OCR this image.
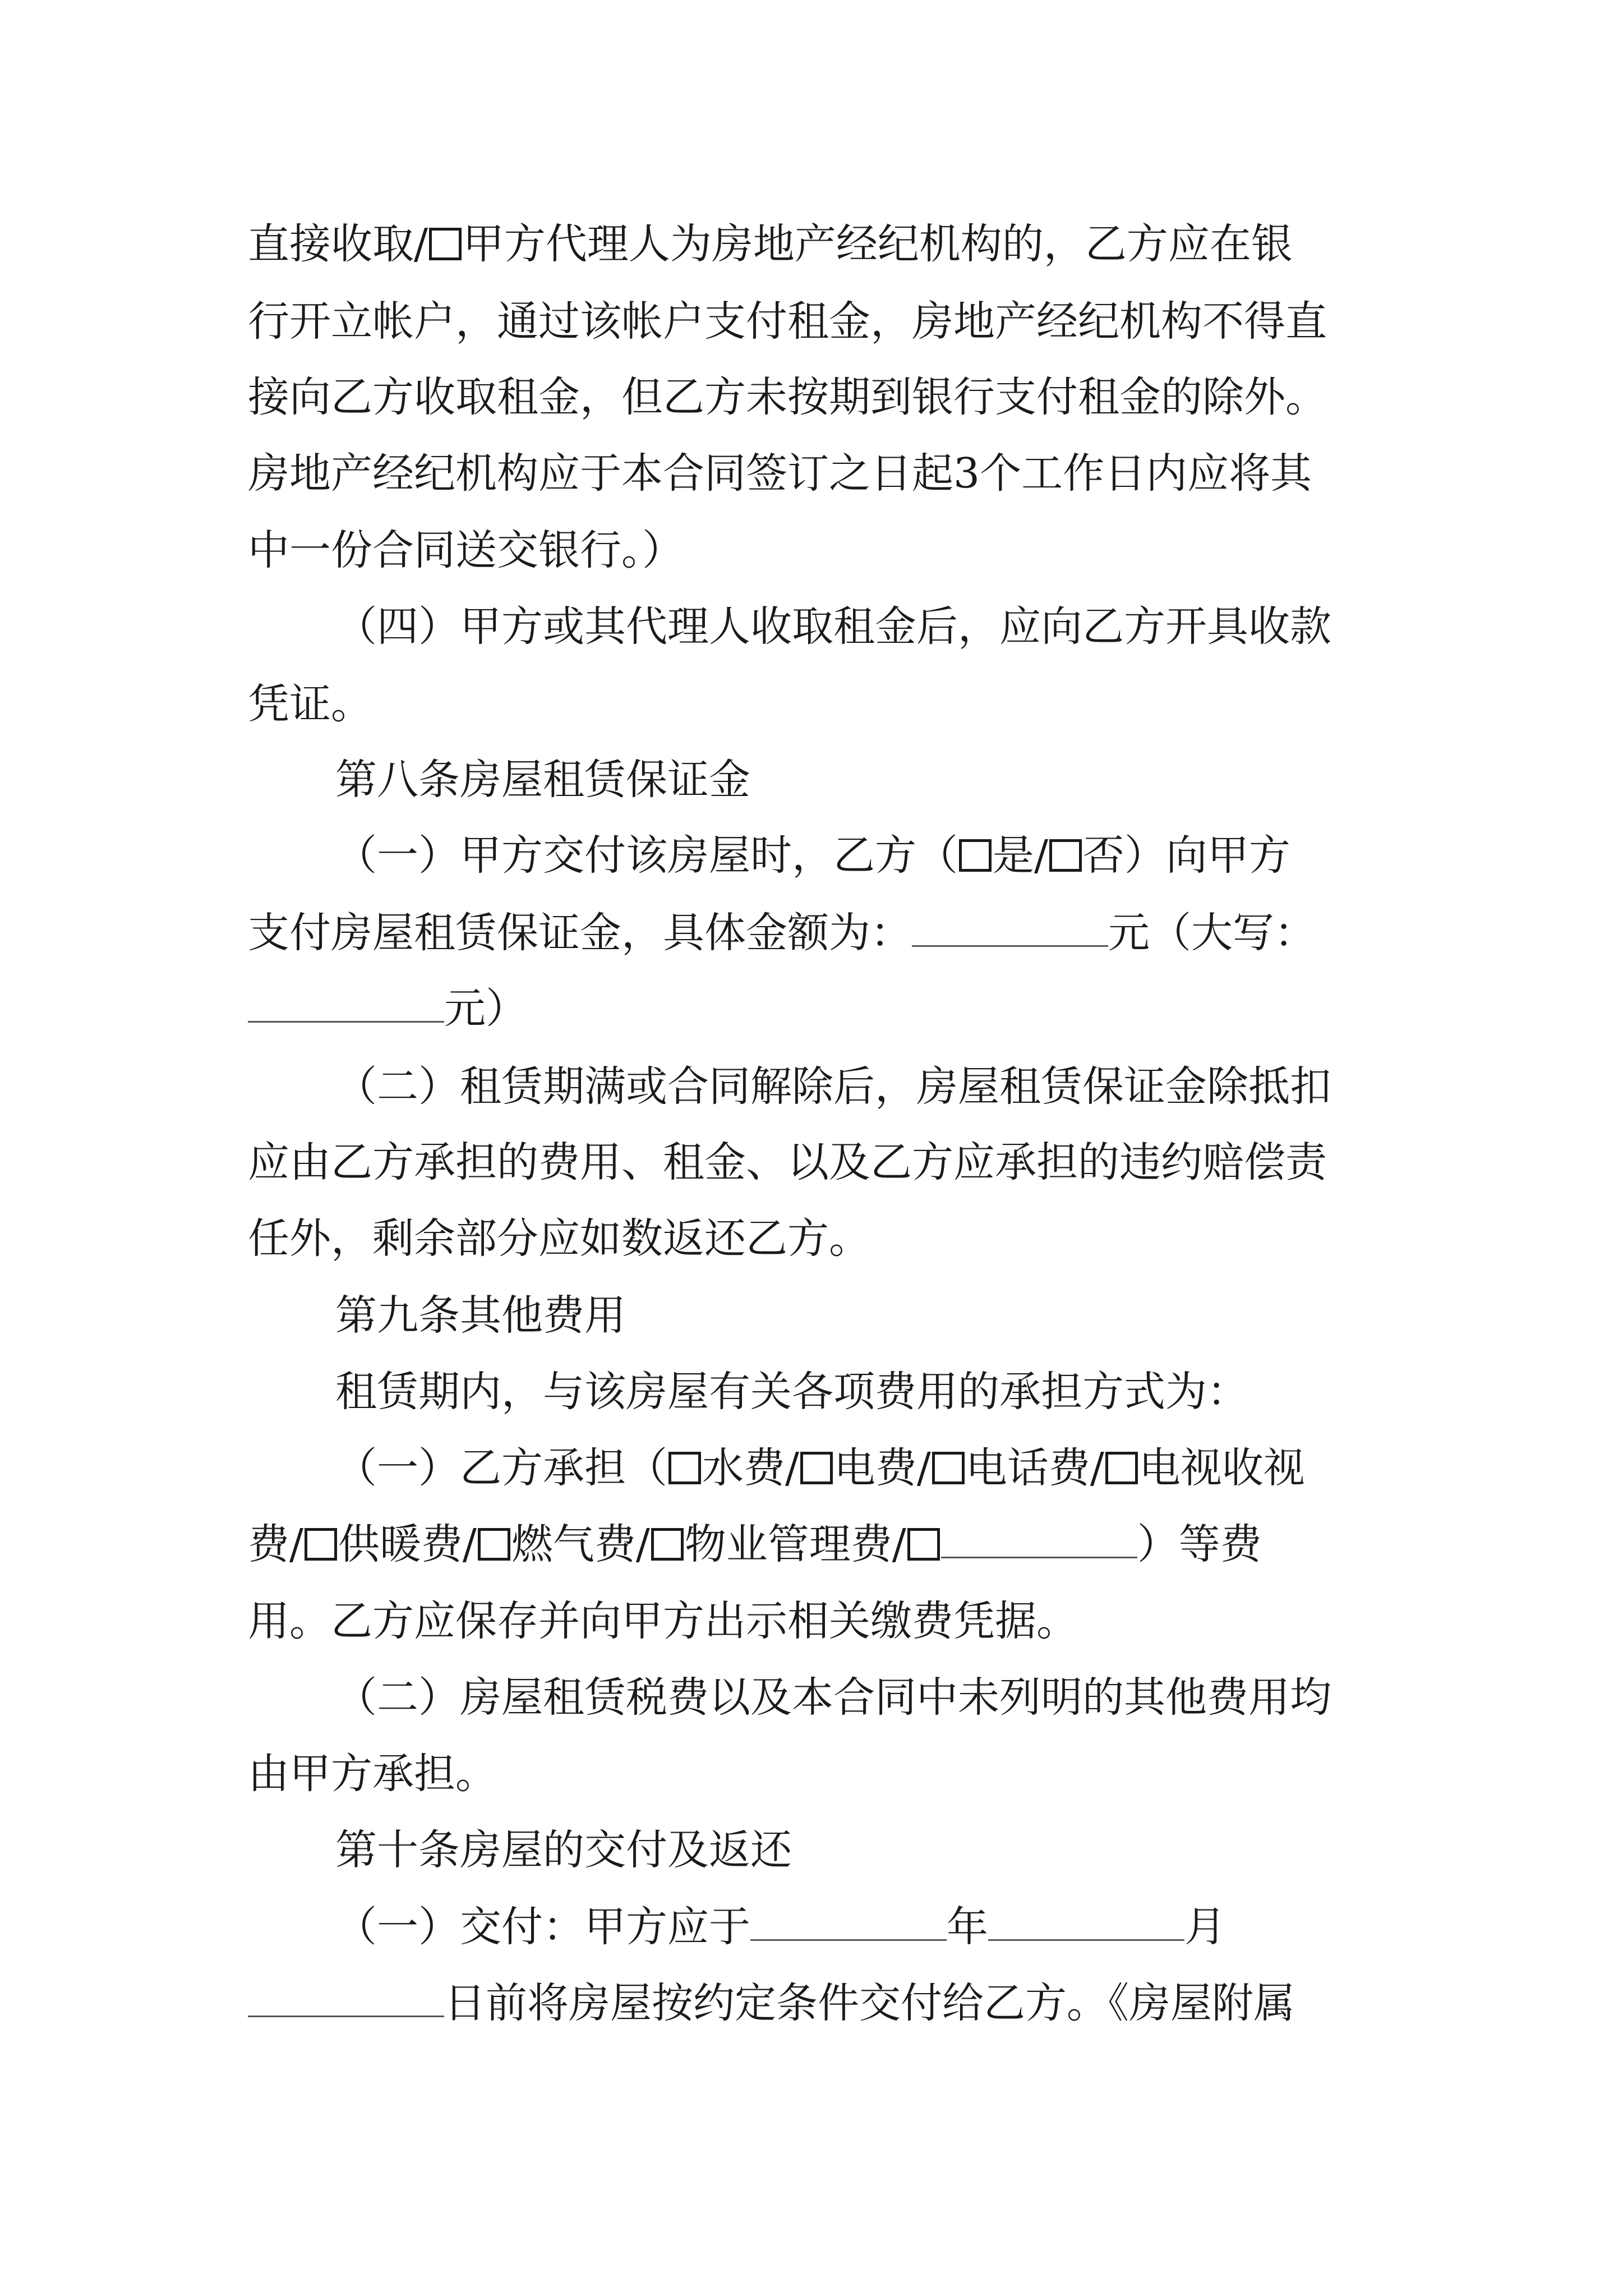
直接收取/ 甲方代理人为房地产经纪机构的，乙方应在银
行开立帐户，通过该帐户支付租金，房地产经纪机构不得直
接向乙方收取租金，但乙方未按期到银行支付租金的除外。
房地产经纪机构应于本合同签订之日起3个工作日内应将其
中一份合同送交银行。）
（四）甲方或其代理人收取租金后，应向乙方开具收款
凭证。
第八条房屋租赁保证金
（一）甲方交付该房屋时，乙方（ 是/ 否）向甲方
支付房屋租赁保证金，具体金额为：	元（大写：
元）
（二）租赁期满或合同解除后，房屋租赁保证金除抵扣
应由乙方承担的费用、租金、以及乙方应承担的违约赔偿责
任外，剩余部分应如数返还乙方。
第九条其他费用
租赁期内，与该房屋有关各项费用的承担方式为：
（一）乙方承担（ 水费/ 电费/ 电话费/ 电视收视
费/ 供暖费/ 燃气费/ 物业管理费/	）等费
用。乙方应保存并向甲方出示相关缴费凭据。
（二）房屋租赁税费以及本合同中未列明的其他费用均
由甲方承担。
第十条房屋的交付及返还
（一）交付：甲方应于	年	月
日前将房屋按约定条件交付给乙方。《房屋附属
